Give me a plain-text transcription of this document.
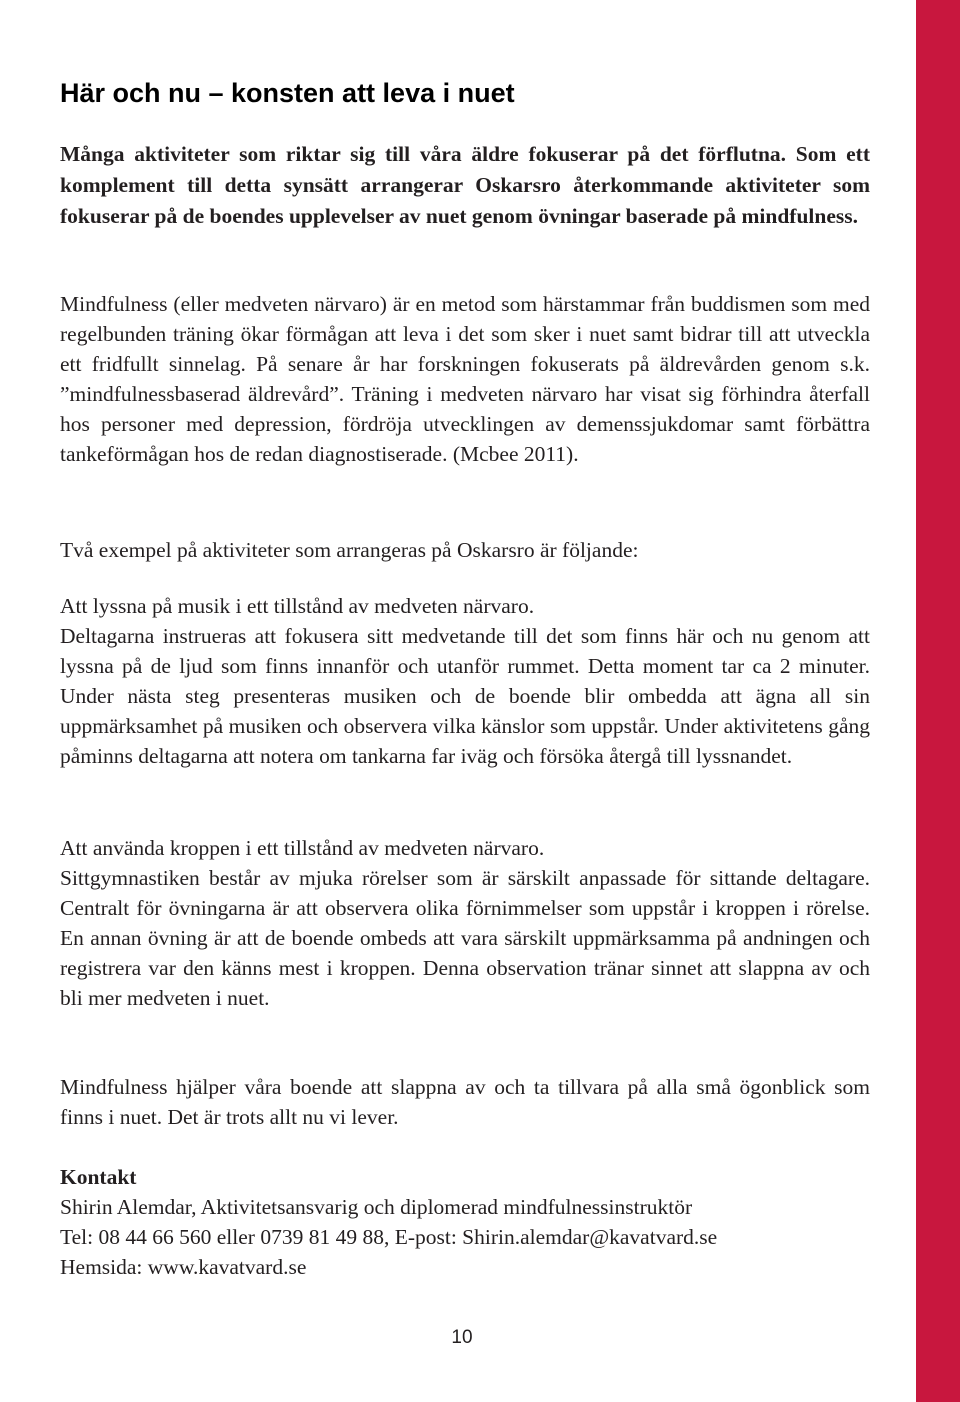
Här och nu – konsten att leva i nuet

Många aktiviteter som riktar sig till våra äldre fokuserar på det förflutna. Som ett komplement till detta synsätt arrangerar Oskarsro återkommande aktiviteter som fokuserar på de boendes upplevelser av nuet genom övningar baserade på mindfulness.

Mindfulness (eller medveten närvaro) är en metod som härstammar från buddismen som med regelbunden träning ökar förmågan att leva i det som sker i nuet samt bidrar till att utveckla ett fridfullt sinnelag. På senare år har forskningen fokuserats på äldrevården genom s.k. ”mindfulnessbaserad äldrevård”. Träning i medveten närvaro har visat sig förhindra återfall hos personer med depression, fördröja utvecklingen av demenssjukdomar samt förbättra tankeförmågan hos de redan diagnostiserade. (Mcbee 2011).

Två exempel på aktiviteter som arrangeras på Oskarsro är följande:

Att lyssna på musik i ett tillstånd av medveten närvaro.
Deltagarna instrueras att fokusera sitt medvetande till det som finns här och nu genom att lyssna på de ljud som finns innanför och utanför rummet. Detta moment tar ca 2 minuter. Under nästa steg presenteras musiken och de boende blir ombedda att ägna all sin uppmärksamhet på musiken och observera vilka känslor som uppstår. Under aktivitetens gång påminns deltagarna att notera om tankarna far iväg och försöka återgå till lyssnandet.

Att använda kroppen i ett tillstånd av medveten närvaro.
Sittgymnastiken består av mjuka rörelser som är särskilt anpassade för sittande deltagare. Centralt för övningarna är att observera olika förnimmelser som uppstår i kroppen i rörelse. En annan övning är att de boende ombeds att vara särskilt uppmärksamma på andningen och registrera var den känns mest i kroppen. Denna observation tränar sinnet att slappna av och bli mer medveten i nuet.

Mindfulness hjälper våra boende att slappna av och ta tillvara på alla små ögonblick som finns i nuet. Det är trots allt nu vi lever.

Kontakt
Shirin Alemdar, Aktivitetsansvarig och diplomerad mindfulnessinstruktör
Tel: 08 44 66 560 eller 0739 81 49 88, E-post: Shirin.alemdar@kavatvard.se
Hemsida: www.kavatvard.se

10
